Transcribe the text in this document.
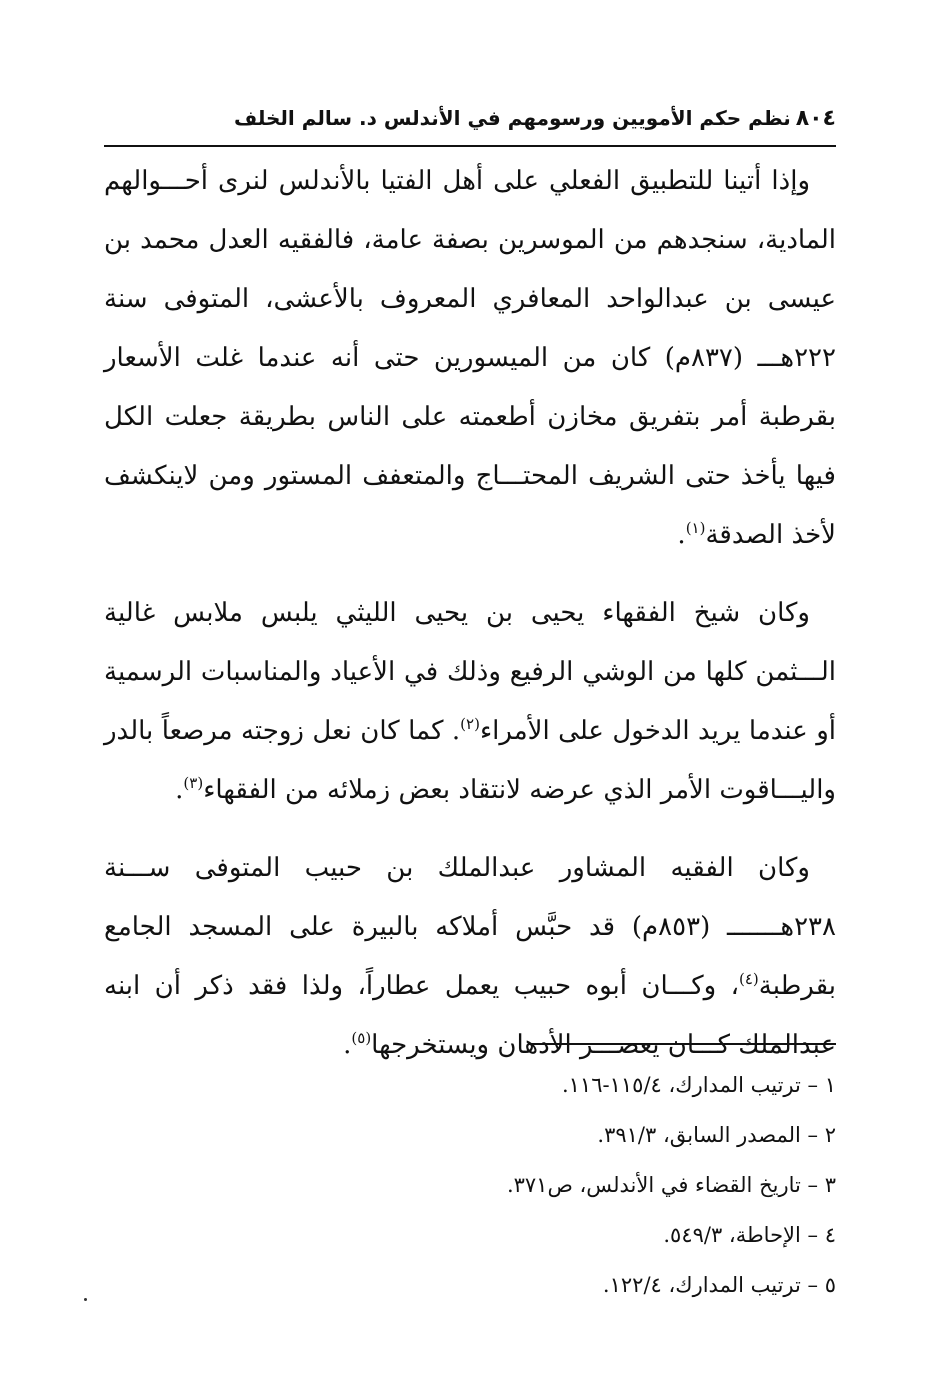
٨٠٤
نظم حكم الأمويين ورسومهم في الأندلس د. سالم الخلف

وإذا أتينا للتطبيق الفعلي على أهل الفتيا بالأندلس لنرى أحـــوالهم المادية، سنجدهم من الموسرين بصفة عامة، فالفقيه العدل محمد بن عيسى بن عبدالواحد المعافري المعروف بالأعشى، المتوفى سنة ٢٢٢هـــ (٨٣٧م) كان من الميسورين حتى أنه عندما غلت الأسعار بقرطبة أمر بتفريق مخازن أطعمته على الناس بطريقة جعلت الكل فيها يأخذ حتى الشريف المحتـــاج والمتعفف المستور ومن لاينكشف لأخذ الصدقة$^{(١)}$.

وكان شيخ الفقهاء يحيى بن يحيى الليثي يلبس ملابس غالية الـــثمن كلها من الوشي الرفيع وذلك في الأعياد والمناسبات الرسمية أو عندما يريد الدخول على الأمراء$^{(٢)}$. كما كان نعل زوجته مرصعاً بالدر واليـــاقوت الأمر الذي عرضه لانتقاد بعض زملائه من الفقهاء$^{(٣)}$.

وكان الفقيه المشاور عبدالملك بن حبيب المتوفى ســـنة ٢٣٨هـــــــ (٨٥٣م) قد حبَّس أملاكه بالبيرة على المسجد الجامع بقرطبة$^{(٤)}$، وكـــان أبوه حبيب يعمل عطاراً، ولذا فقد ذكر أن ابنه عبدالملك كـــان يعصـــر الأدهان ويستخرجها$^{(٥)}$.

١ – ترتيب المدارك، ١١٥/٤-١١٦.
٢ – المصدر السابق، ٣٩١/٣.
٣ – تاريخ القضاء في الأندلس، ص٣٧١.
٤ – الإحاطة، ٥٤٩/٣.
٥ – ترتيب المدارك، ١٢٢/٤.
